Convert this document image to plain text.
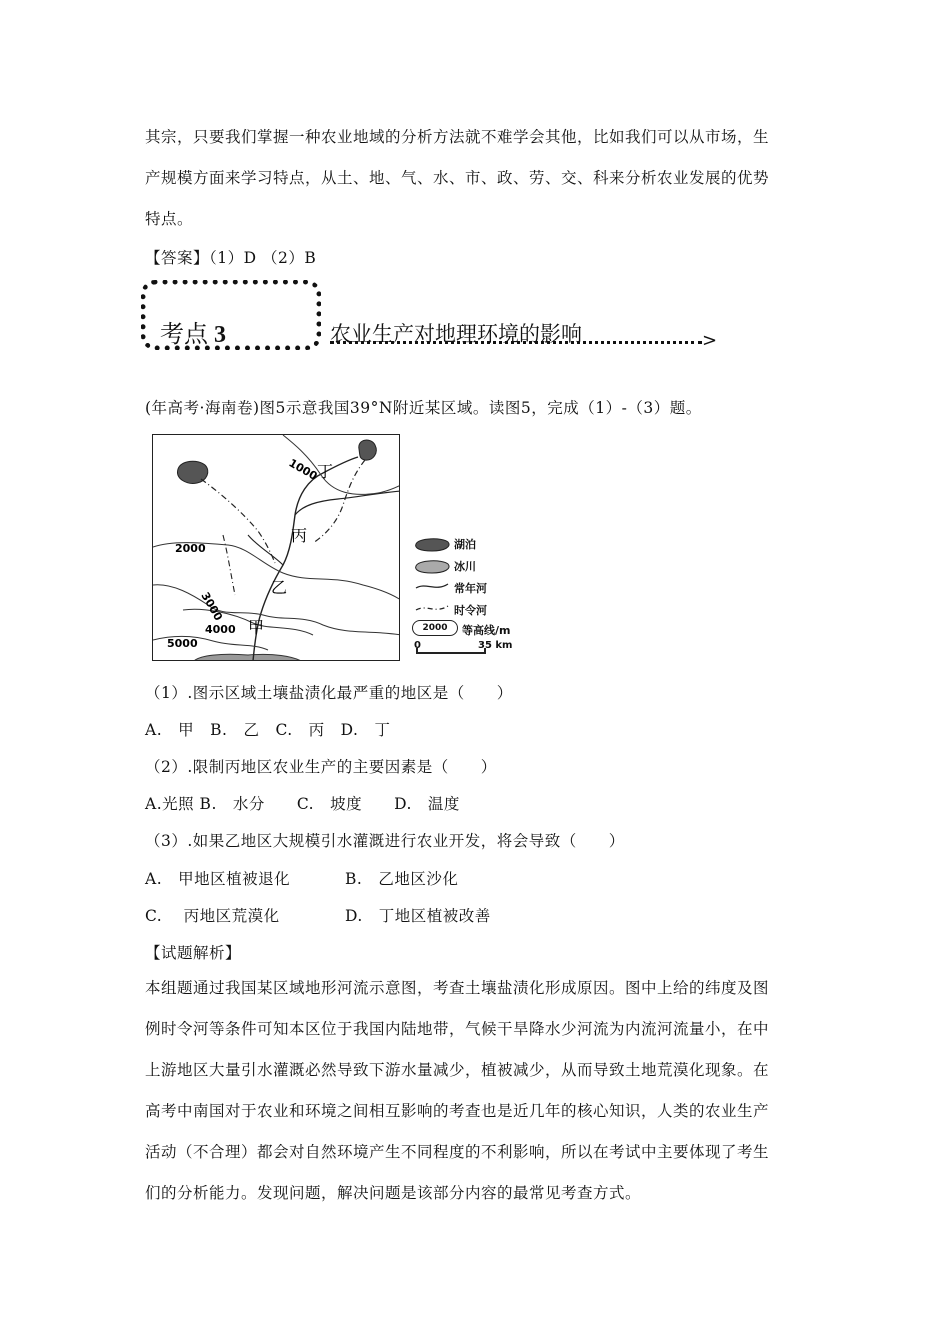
其宗，只要我们掌握一种农业地域的分析方法就不难学会其他，比如我们可以从市场，生
产规模方面来学习特点，从土、地、气、水、市、政、劳、交、科来分析农业发展的优势
特点。
【答案】（1）D （2）B
考点 3	农业生产对地理环境的影响	>
(年高考·海南卷)图5示意我国39°N附近某区域。读图5，完成（1）-（3）题。
1000
2000
3000
4000
5000
丁
丙
乙
甲
湖泊
冰川
常年河
时令河
2000	等高线/m
0	35 km
（1）.图示区域土壤盐渍化最严重的地区是（　　）
A.　甲　B.　乙　C.　丙　D.　丁
（2）.限制丙地区农业生产的主要因素是（　　）
A.光照 B.　水分　　C.　坡度　　D.　温度
（3）.如果乙地区大规模引水灌溉进行农业开发，将会导致（　　）
A.　甲地区植被退化	B.　乙地区沙化
C.　 丙地区荒漠化	D.　丁地区植被改善
【试题解析】
本组题通过我国某区域地形河流示意图，考查土壤盐渍化形成原因。图中上给的纬度及图
例时令河等条件可知本区位于我国内陆地带，气候干旱降水少河流为内流河流量小，在中
上游地区大量引水灌溉必然导致下游水量减少，植被减少，从而导致土地荒漠化现象。在
高考中南国对于农业和环境之间相互影响的考查也是近几年的核心知识，人类的农业生产
活动（不合理）都会对自然环境产生不同程度的不利影响，所以在考试中主要体现了考生
们的分析能力。发现问题，解决问题是该部分内容的最常见考查方式。
